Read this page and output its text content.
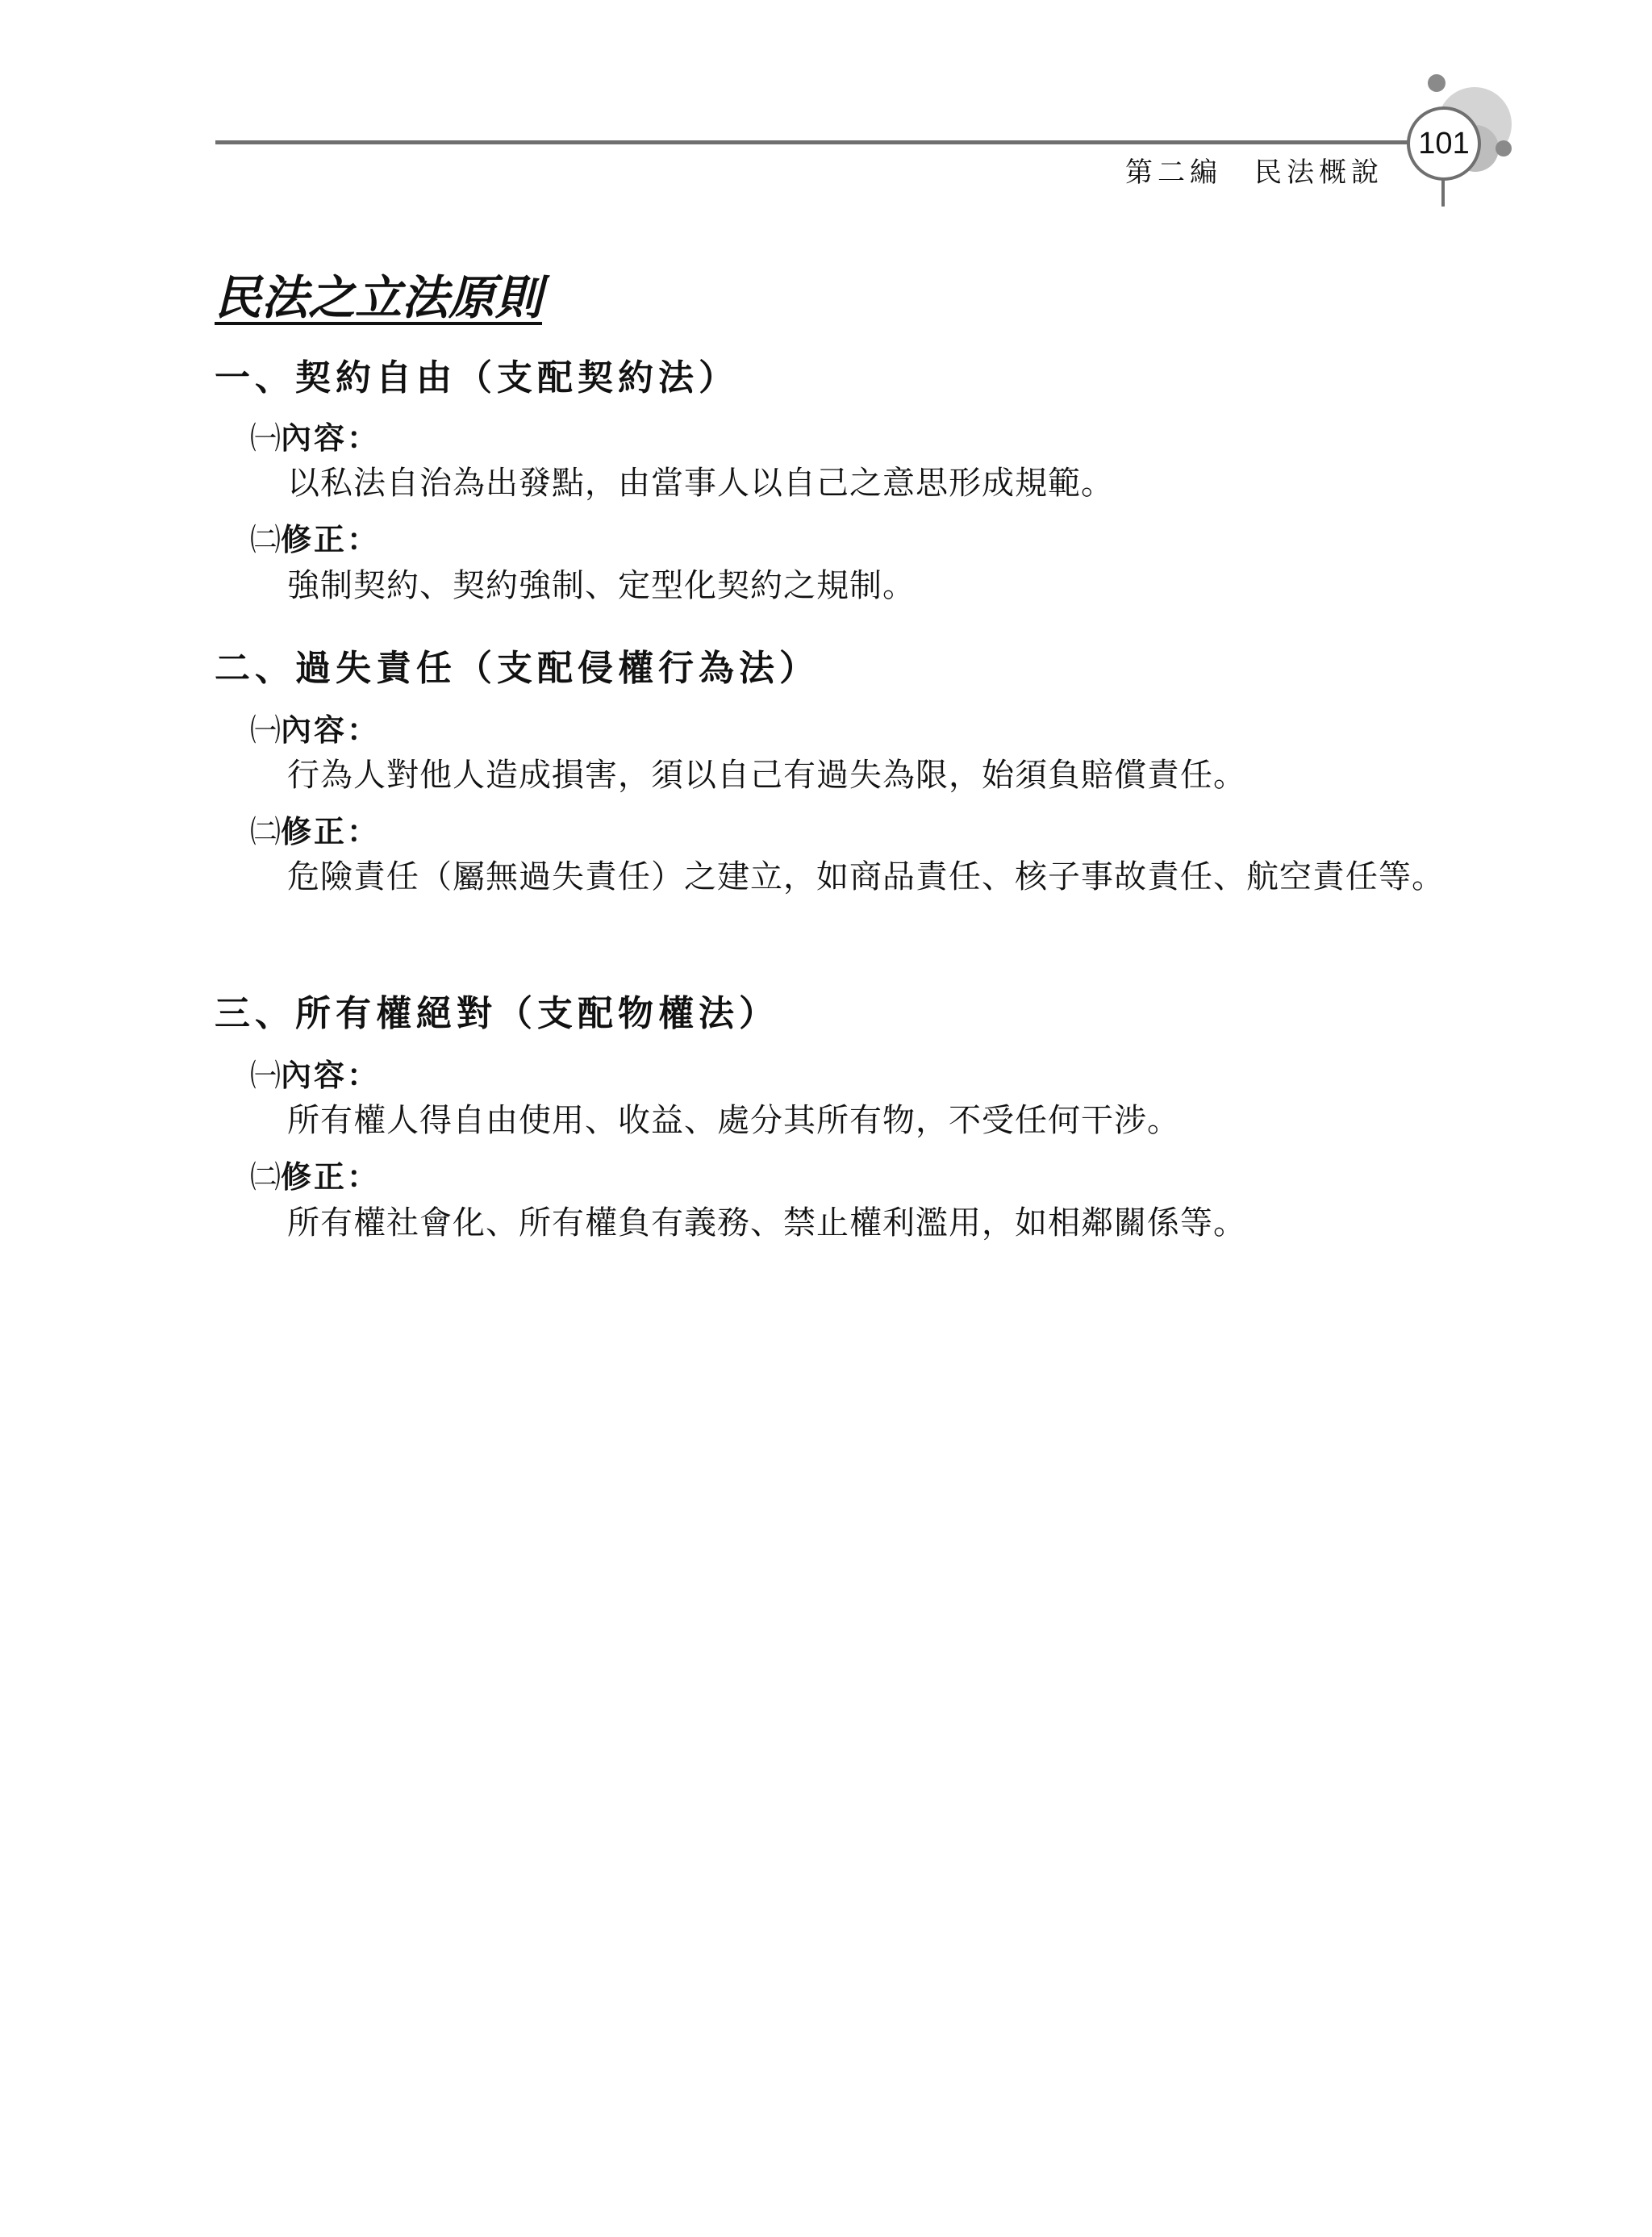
第二編　民法概說
101
民法之立法原則
一、契約自由（支配契約法）
㈠內容：
以私法自治為出發點，由當事人以自己之意思形成規範。
㈡修正：
強制契約、契約強制、定型化契約之規制。
二、過失責任（支配侵權行為法）
㈠內容：
行為人對他人造成損害，須以自己有過失為限，始須負賠償責任。
㈡修正：
危險責任（屬無過失責任）之建立，如商品責任、核子事故責任、航空責任等。
三、所有權絕對（支配物權法）
㈠內容：
所有權人得自由使用、收益、處分其所有物，不受任何干涉。
㈡修正：
所有權社會化、所有權負有義務、禁止權利濫用，如相鄰關係等。
